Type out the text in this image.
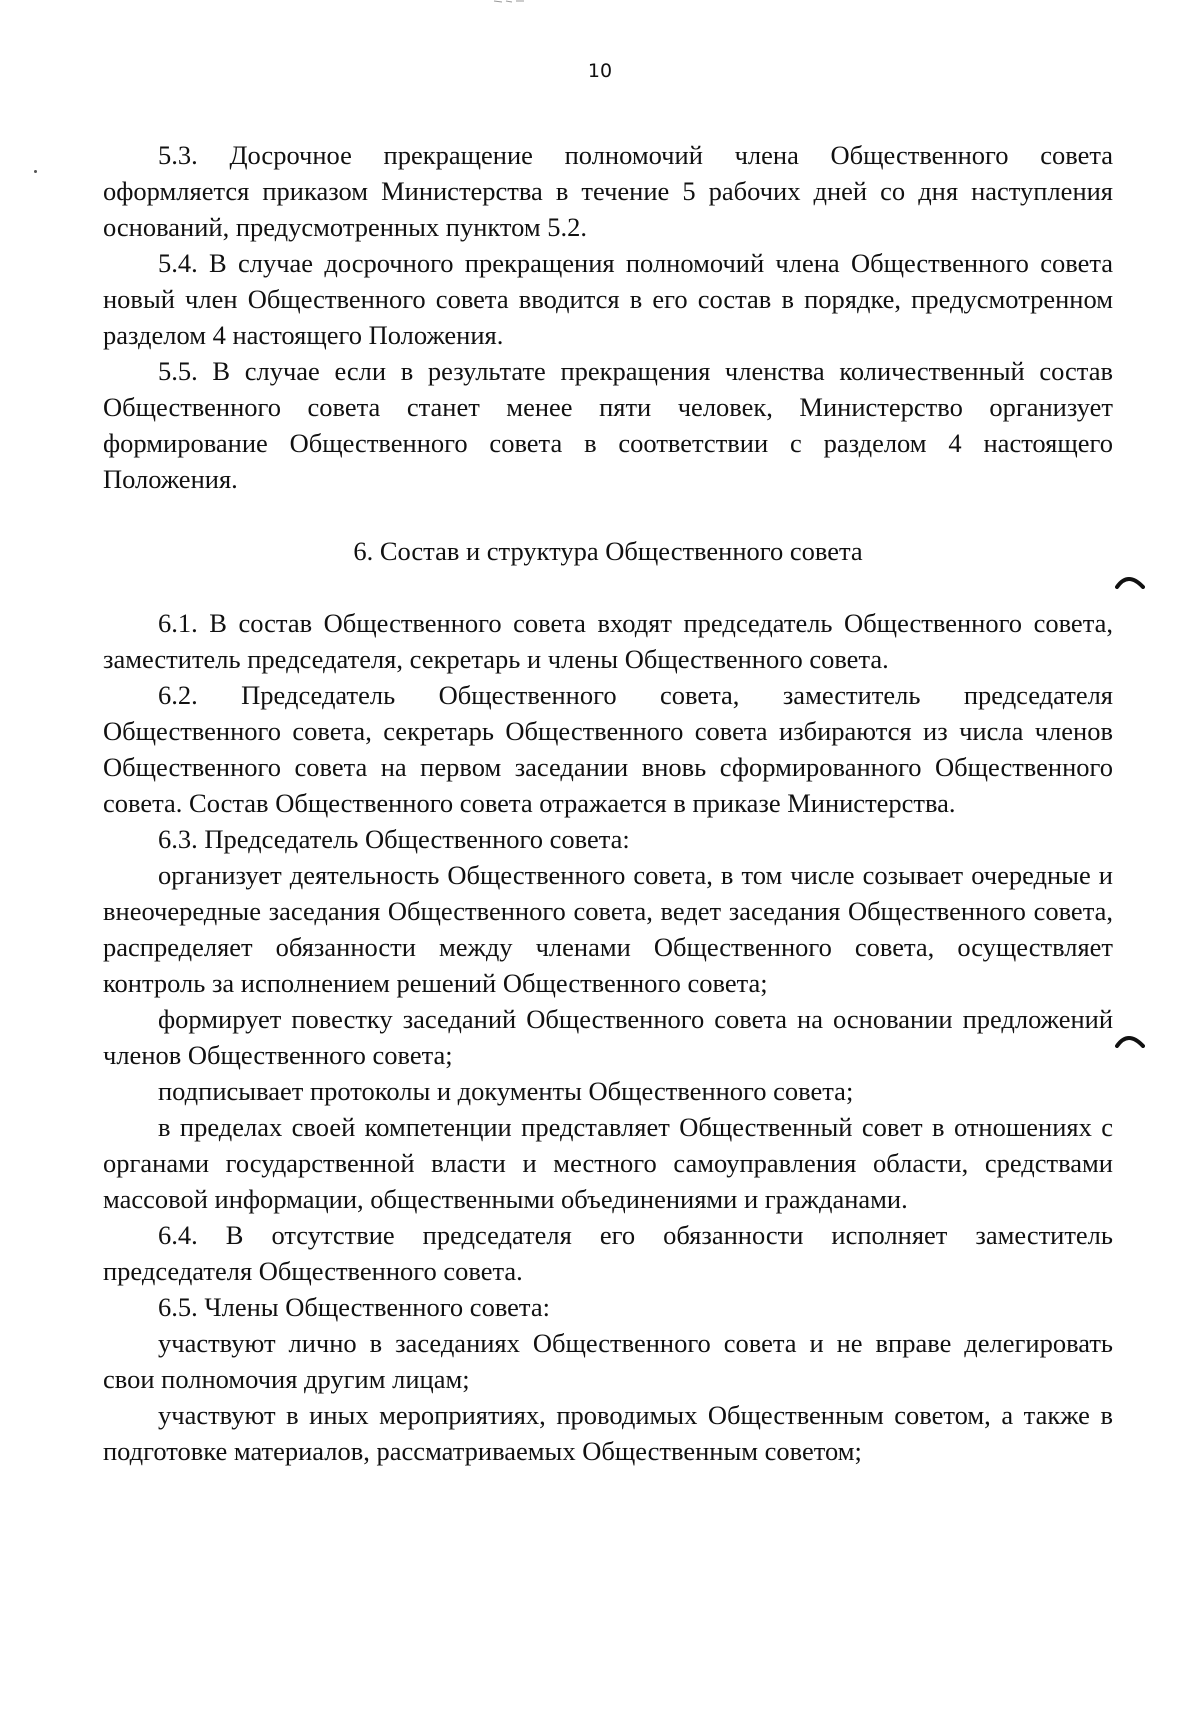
10

5.3. Досрочное прекращение полномочий члена Общественного совета оформляется приказом Министерства в течение 5 рабочих дней со дня наступления оснований, предусмотренных пунктом 5.2.

5.4. В случае досрочного прекращения полномочий члена Общественного совета новый член Общественного совета вводится в его состав в порядке, предусмотренном разделом 4 настоящего Положения.

5.5. В случае если в результате прекращения членства количественный состав Общественного совета станет менее пяти человек, Министерство организует формирование Общественного совета в соответствии с разделом 4 настоящего Положения.

6. Состав и структура Общественного совета

6.1. В состав Общественного совета входят председатель Общественного совета, заместитель председателя, секретарь и члены Общественного совета.

6.2. Председатель Общественного совета, заместитель председателя Общественного совета, секретарь Общественного совета избираются из числа членов Общественного совета на первом заседании вновь сформированного Общественного совета. Состав Общественного совета отражается в приказе Министерства.

6.3. Председатель Общественного совета:

организует деятельность Общественного совета, в том числе созывает очередные и внеочередные заседания Общественного совета, ведет заседания Общественного совета, распределяет обязанности между членами Общественного совета, осуществляет контроль за исполнением решений Общественного совета;

формирует повестку заседаний Общественного совета на основании предложений членов Общественного совета;

подписывает протоколы и документы Общественного совета;

в пределах своей компетенции представляет Общественный совет в отношениях с органами государственной власти и местного самоуправления области, средствами массовой информации, общественными объединениями и гражданами.

6.4. В отсутствие председателя его обязанности исполняет заместитель председателя Общественного совета.

6.5. Члены Общественного совета:

участвуют лично в заседаниях Общественного совета и не вправе делегировать свои полномочия другим лицам;

участвуют в иных мероприятиях, проводимых Общественным советом, а также в подготовке материалов, рассматриваемых Общественным советом;
